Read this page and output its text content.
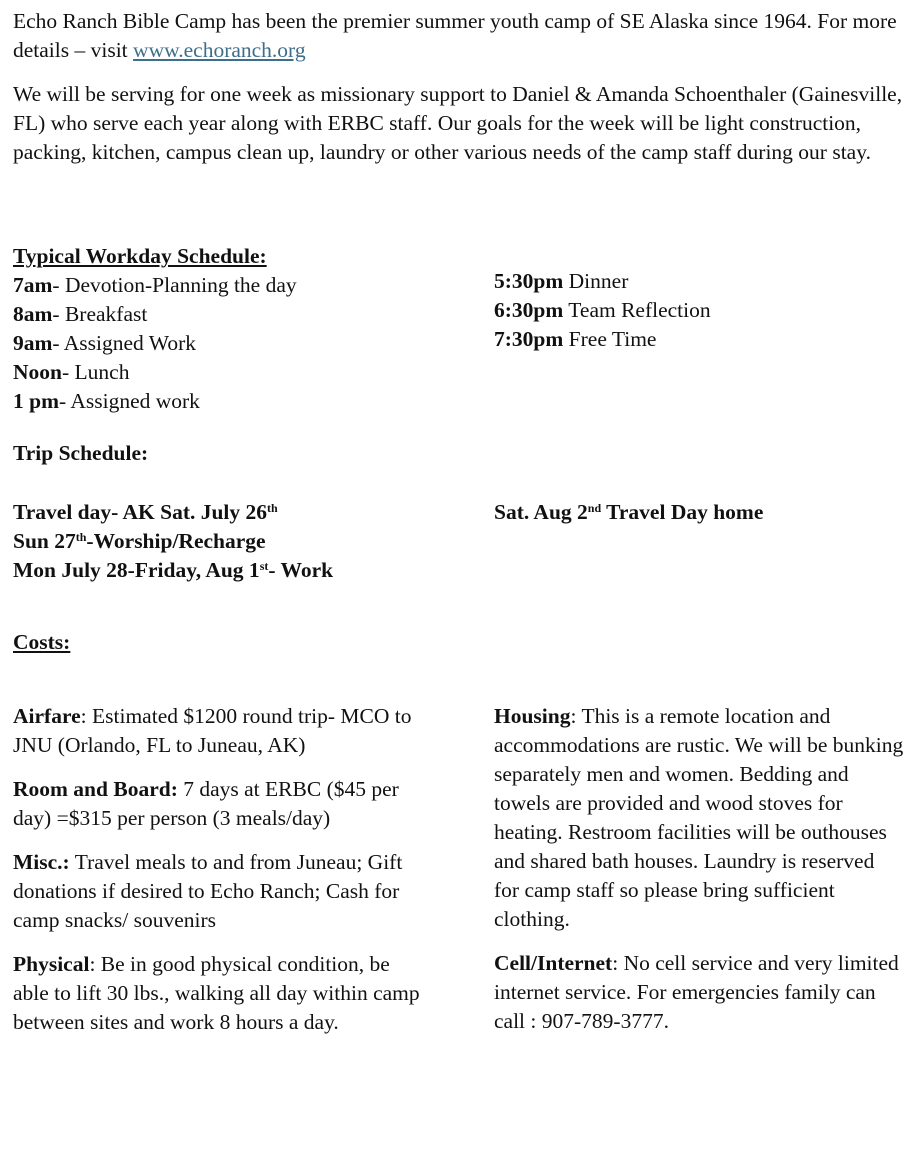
Echo Ranch Bible Camp has been the premier summer youth camp of SE Alaska since 1964. For more details – visit www.echoranch.org

We will be serving for one week as missionary support to Daniel & Amanda Schoenthaler (Gainesville, FL) who serve each year along with ERBC staff. Our goals for the week will be light construction, packing, kitchen, campus clean up, laundry or other various needs of the camp staff during our stay.

Typical Workday Schedule:
7am- Devotion-Planning the day
8am- Breakfast
9am- Assigned Work
Noon- Lunch
1 pm- Assigned work
5:30pm Dinner
6:30pm Team Reflection
7:30pm Free Time
Trip Schedule:
Travel day- AK Sat. July 26th
Sun 27th-Worship/Recharge
Mon July 28-Friday, Aug 1st- Work
Sat. Aug 2nd Travel Day home
Costs:

Airfare: Estimated $1200 round trip- MCO to JNU (Orlando, FL to Juneau, AK)

Room and Board: 7 days at ERBC ($45 per day) =$315 per person (3 meals/day)

Misc.: Travel meals to and from Juneau; Gift donations if desired to Echo Ranch; Cash for camp snacks/ souvenirs

Physical: Be in good physical condition, be able to lift 30 lbs., walking all day within camp between sites and work 8 hours a day.

Housing: This is a remote location and accommodations are rustic. We will be bunking separately men and women. Bedding and towels are provided and wood stoves for heating. Restroom facilities will be outhouses and shared bath houses. Laundry is reserved for camp staff so please bring sufficient clothing.

Cell/Internet: No cell service and very limited internet service. For emergencies family can call : 907-789-3777.
